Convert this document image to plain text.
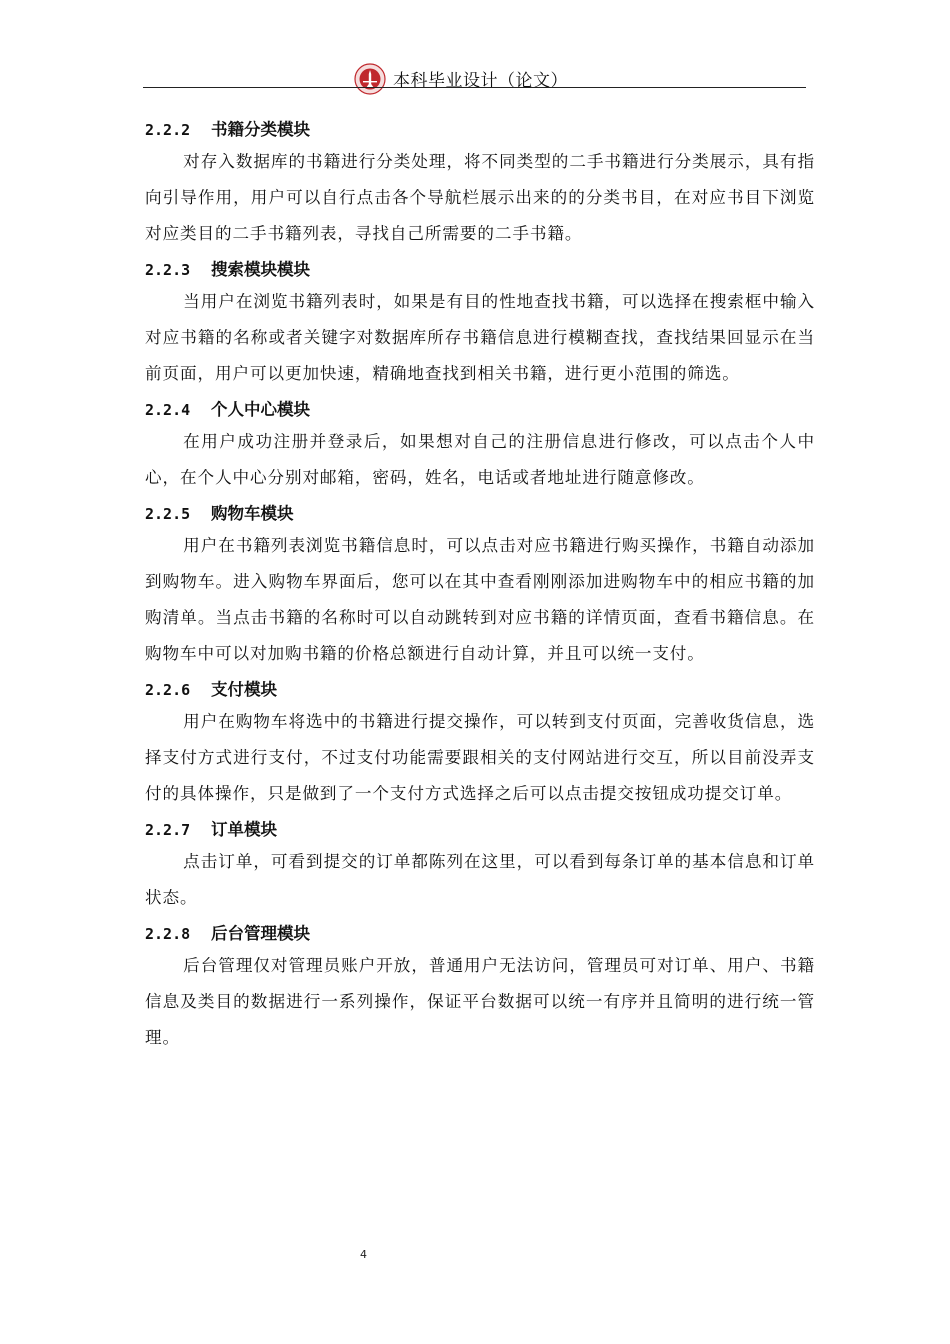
本科毕业设计（论文）
2.2.2 书籍分类模块

对存入数据库的书籍进行分类处理，将不同类型的二手书籍进行分类展示，具有指向引导作用，用户可以自行点击各个导航栏展示出来的的分类书目，在对应书目下浏览对应类目的二手书籍列表，寻找自己所需要的二手书籍。

2.2.3 搜索模块模块

当用户在浏览书籍列表时，如果是有目的性地查找书籍，可以选择在搜索框中输入对应书籍的名称或者关键字对数据库所存书籍信息进行模糊查找，查找结果回显示在当前页面，用户可以更加快速，精确地查找到相关书籍，进行更小范围的筛选。

2.2.4 个人中心模块

在用户成功注册并登录后，如果想对自己的注册信息进行修改，可以点击个人中心，在个人中心分别对邮箱，密码，姓名，电话或者地址进行随意修改。

2.2.5 购物车模块

用户在书籍列表浏览书籍信息时，可以点击对应书籍进行购买操作，书籍自动添加到购物车。进入购物车界面后，您可以在其中查看刚刚添加进购物车中的相应书籍的加购清单。当点击书籍的名称时可以自动跳转到对应书籍的详情页面，查看书籍信息。在购物车中可以对加购书籍的价格总额进行自动计算，并且可以统一支付。

2.2.6 支付模块

用户在购物车将选中的书籍进行提交操作，可以转到支付页面，完善收货信息，选择支付方式进行支付，不过支付功能需要跟相关的支付网站进行交互，所以目前没弄支付的具体操作，只是做到了一个支付方式选择之后可以点击提交按钮成功提交订单。

2.2.7 订单模块

点击订单，可看到提交的订单都陈列在这里，可以看到每条订单的基本信息和订单状态。

2.2.8 后台管理模块

后台管理仅对管理员账户开放，普通用户无法访问，管理员可对订单、用户、书籍信息及类目的数据进行一系列操作，保证平台数据可以统一有序并且简明的进行统一管理。

4
